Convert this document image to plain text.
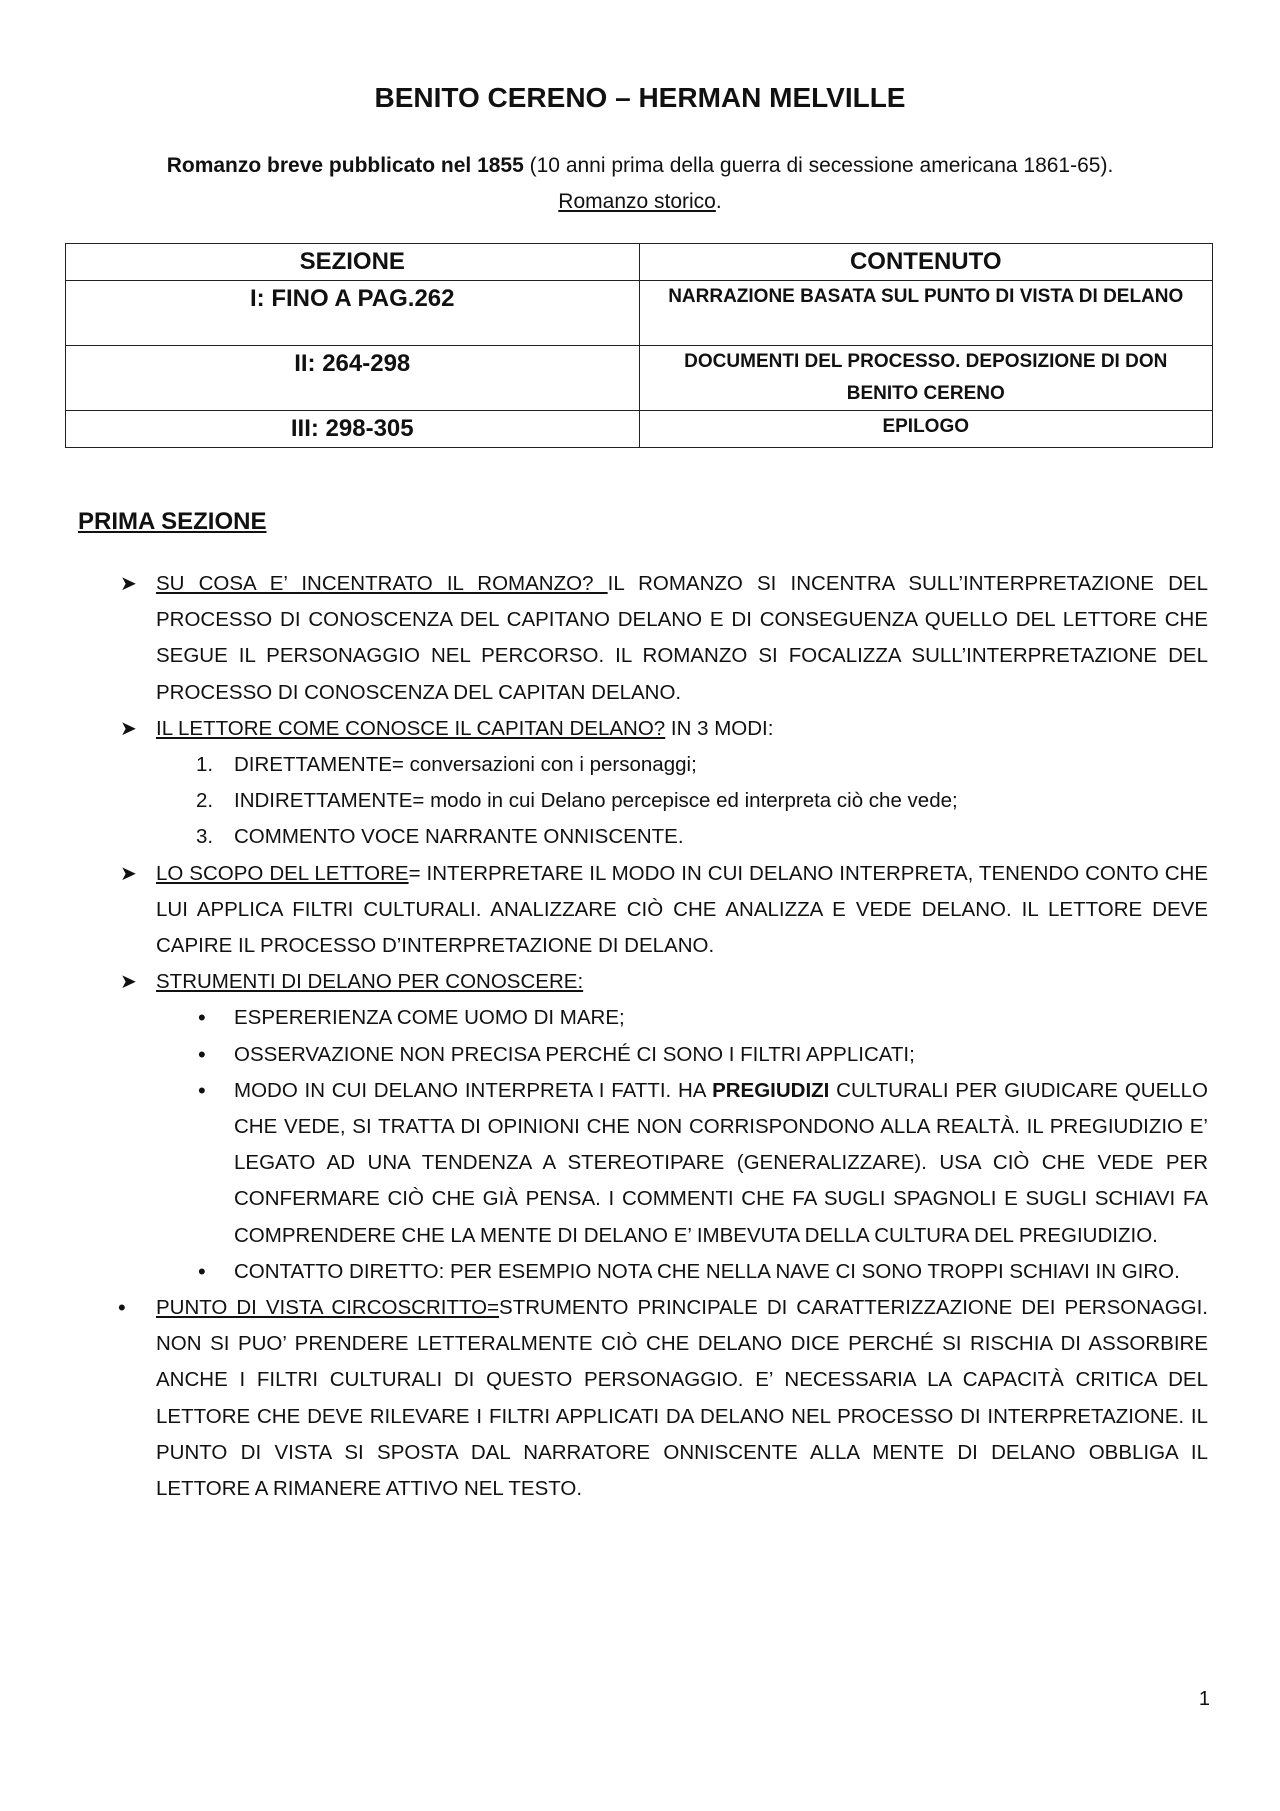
BENITO CERENO – HERMAN MELVILLE

Romanzo breve pubblicato nel 1855 (10 anni prima della guerra di secessione americana 1861-65).
Romanzo storico.

SEZIONE	CONTENUTO
I: FINO A PAG.262	NARRAZIONE BASATA SUL PUNTO DI VISTA DI DELANO
II: 264-298	DOCUMENTI DEL PROCESSO. DEPOSIZIONE DI DON BENITO CERENO
III: 298-305	EPILOGO
PRIMA SEZIONE
➤ SU COSA E’ INCENTRATO IL ROMANZO? IL ROMANZO SI INCENTRA SULL’INTERPRETAZIONE DEL PROCESSO DI CONOSCENZA DEL CAPITANO DELANO E DI CONSEGUENZA QUELLO DEL LETTORE CHE SEGUE IL PERSONAGGIO NEL PERCORSO. IL ROMANZO SI FOCALIZZA SULL’INTERPRETAZIONE DEL PROCESSO DI CONOSCENZA DEL CAPITAN DELANO.
➤ IL LETTORE COME CONOSCE IL CAPITAN DELANO? IN 3 MODI:
1. DIRETTAMENTE= conversazioni con i personaggi;
2. INDIRETTAMENTE= modo in cui Delano percepisce ed interpreta ciò che vede;
3. COMMENTO VOCE NARRANTE ONNISCENTE.
➤ LO SCOPO DEL LETTORE= INTERPRETARE IL MODO IN CUI DELANO INTERPRETA, TENENDO CONTO CHE LUI APPLICA FILTRI CULTURALI. ANALIZZARE CIÒ CHE ANALIZZA E VEDE DELANO. IL LETTORE DEVE CAPIRE IL PROCESSO D’INTERPRETAZIONE DI DELANO.
➤ STRUMENTI DI DELANO PER CONOSCERE:
• ESPERERIENZA COME UOMO DI MARE;
• OSSERVAZIONE NON PRECISA PERCHÉ CI SONO I FILTRI APPLICATI;
• MODO IN CUI DELANO INTERPRETA I FATTI. HA PREGIUDIZI CULTURALI PER GIUDICARE QUELLO CHE VEDE, SI TRATTA DI OPINIONI CHE NON CORRISPONDONO ALLA REALTÀ. IL PREGIUDIZIO E’ LEGATO AD UNA TENDENZA A STEREOTIPARE (GENERALIZZARE). USA CIÒ CHE VEDE PER CONFERMARE CIÒ CHE GIÀ PENSA. I COMMENTI CHE FA SUGLI SPAGNOLI E SUGLI SCHIAVI FA COMPRENDERE CHE LA MENTE DI DELANO E’ IMBEVUTA DELLA CULTURA DEL PREGIUDIZIO.
• CONTATTO DIRETTO: PER ESEMPIO NOTA CHE NELLA NAVE CI SONO TROPPI SCHIAVI IN GIRO.
• PUNTO DI VISTA CIRCOSCRITTO=STRUMENTO PRINCIPALE DI CARATTERIZZAZIONE DEI PERSONAGGI. NON SI PUO’ PRENDERE LETTERALMENTE CIÒ CHE DELANO DICE PERCHÉ SI RISCHIA DI ASSORBIRE ANCHE I FILTRI CULTURALI DI QUESTO PERSONAGGIO. E’ NECESSARIA LA CAPACITÀ CRITICA DEL LETTORE CHE DEVE RILEVARE I FILTRI APPLICATI DA DELANO NEL PROCESSO DI INTERPRETAZIONE. IL PUNTO DI VISTA SI SPOSTA DAL NARRATORE ONNISCENTE ALLA MENTE DI DELANO OBBLIGA IL LETTORE A RIMANERE ATTIVO NEL TESTO.
1
